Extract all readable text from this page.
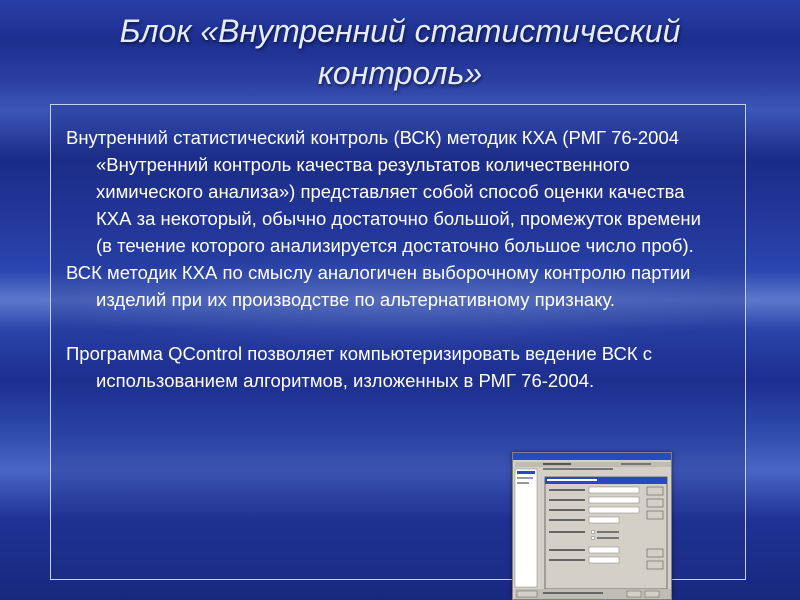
Блок «Внутренний статистический контроль»

Внутренний статистический контроль (ВСК) методик КХА (РМГ 76-2004 «Внутренний контроль качества результатов количественного химического анализа») представляет собой способ оценки качества КХА за некоторый, обычно достаточно большой, промежуток времени (в течение которого анализируется достаточно большое число проб).

ВСК методик КХА по смыслу аналогичен выборочному контролю партии изделий при их производстве по альтернативному признаку.

Программа QControl позволяет компьютеризировать ведение ВСК с использованием алгоритмов, изложенных в РМГ 76-2004.
